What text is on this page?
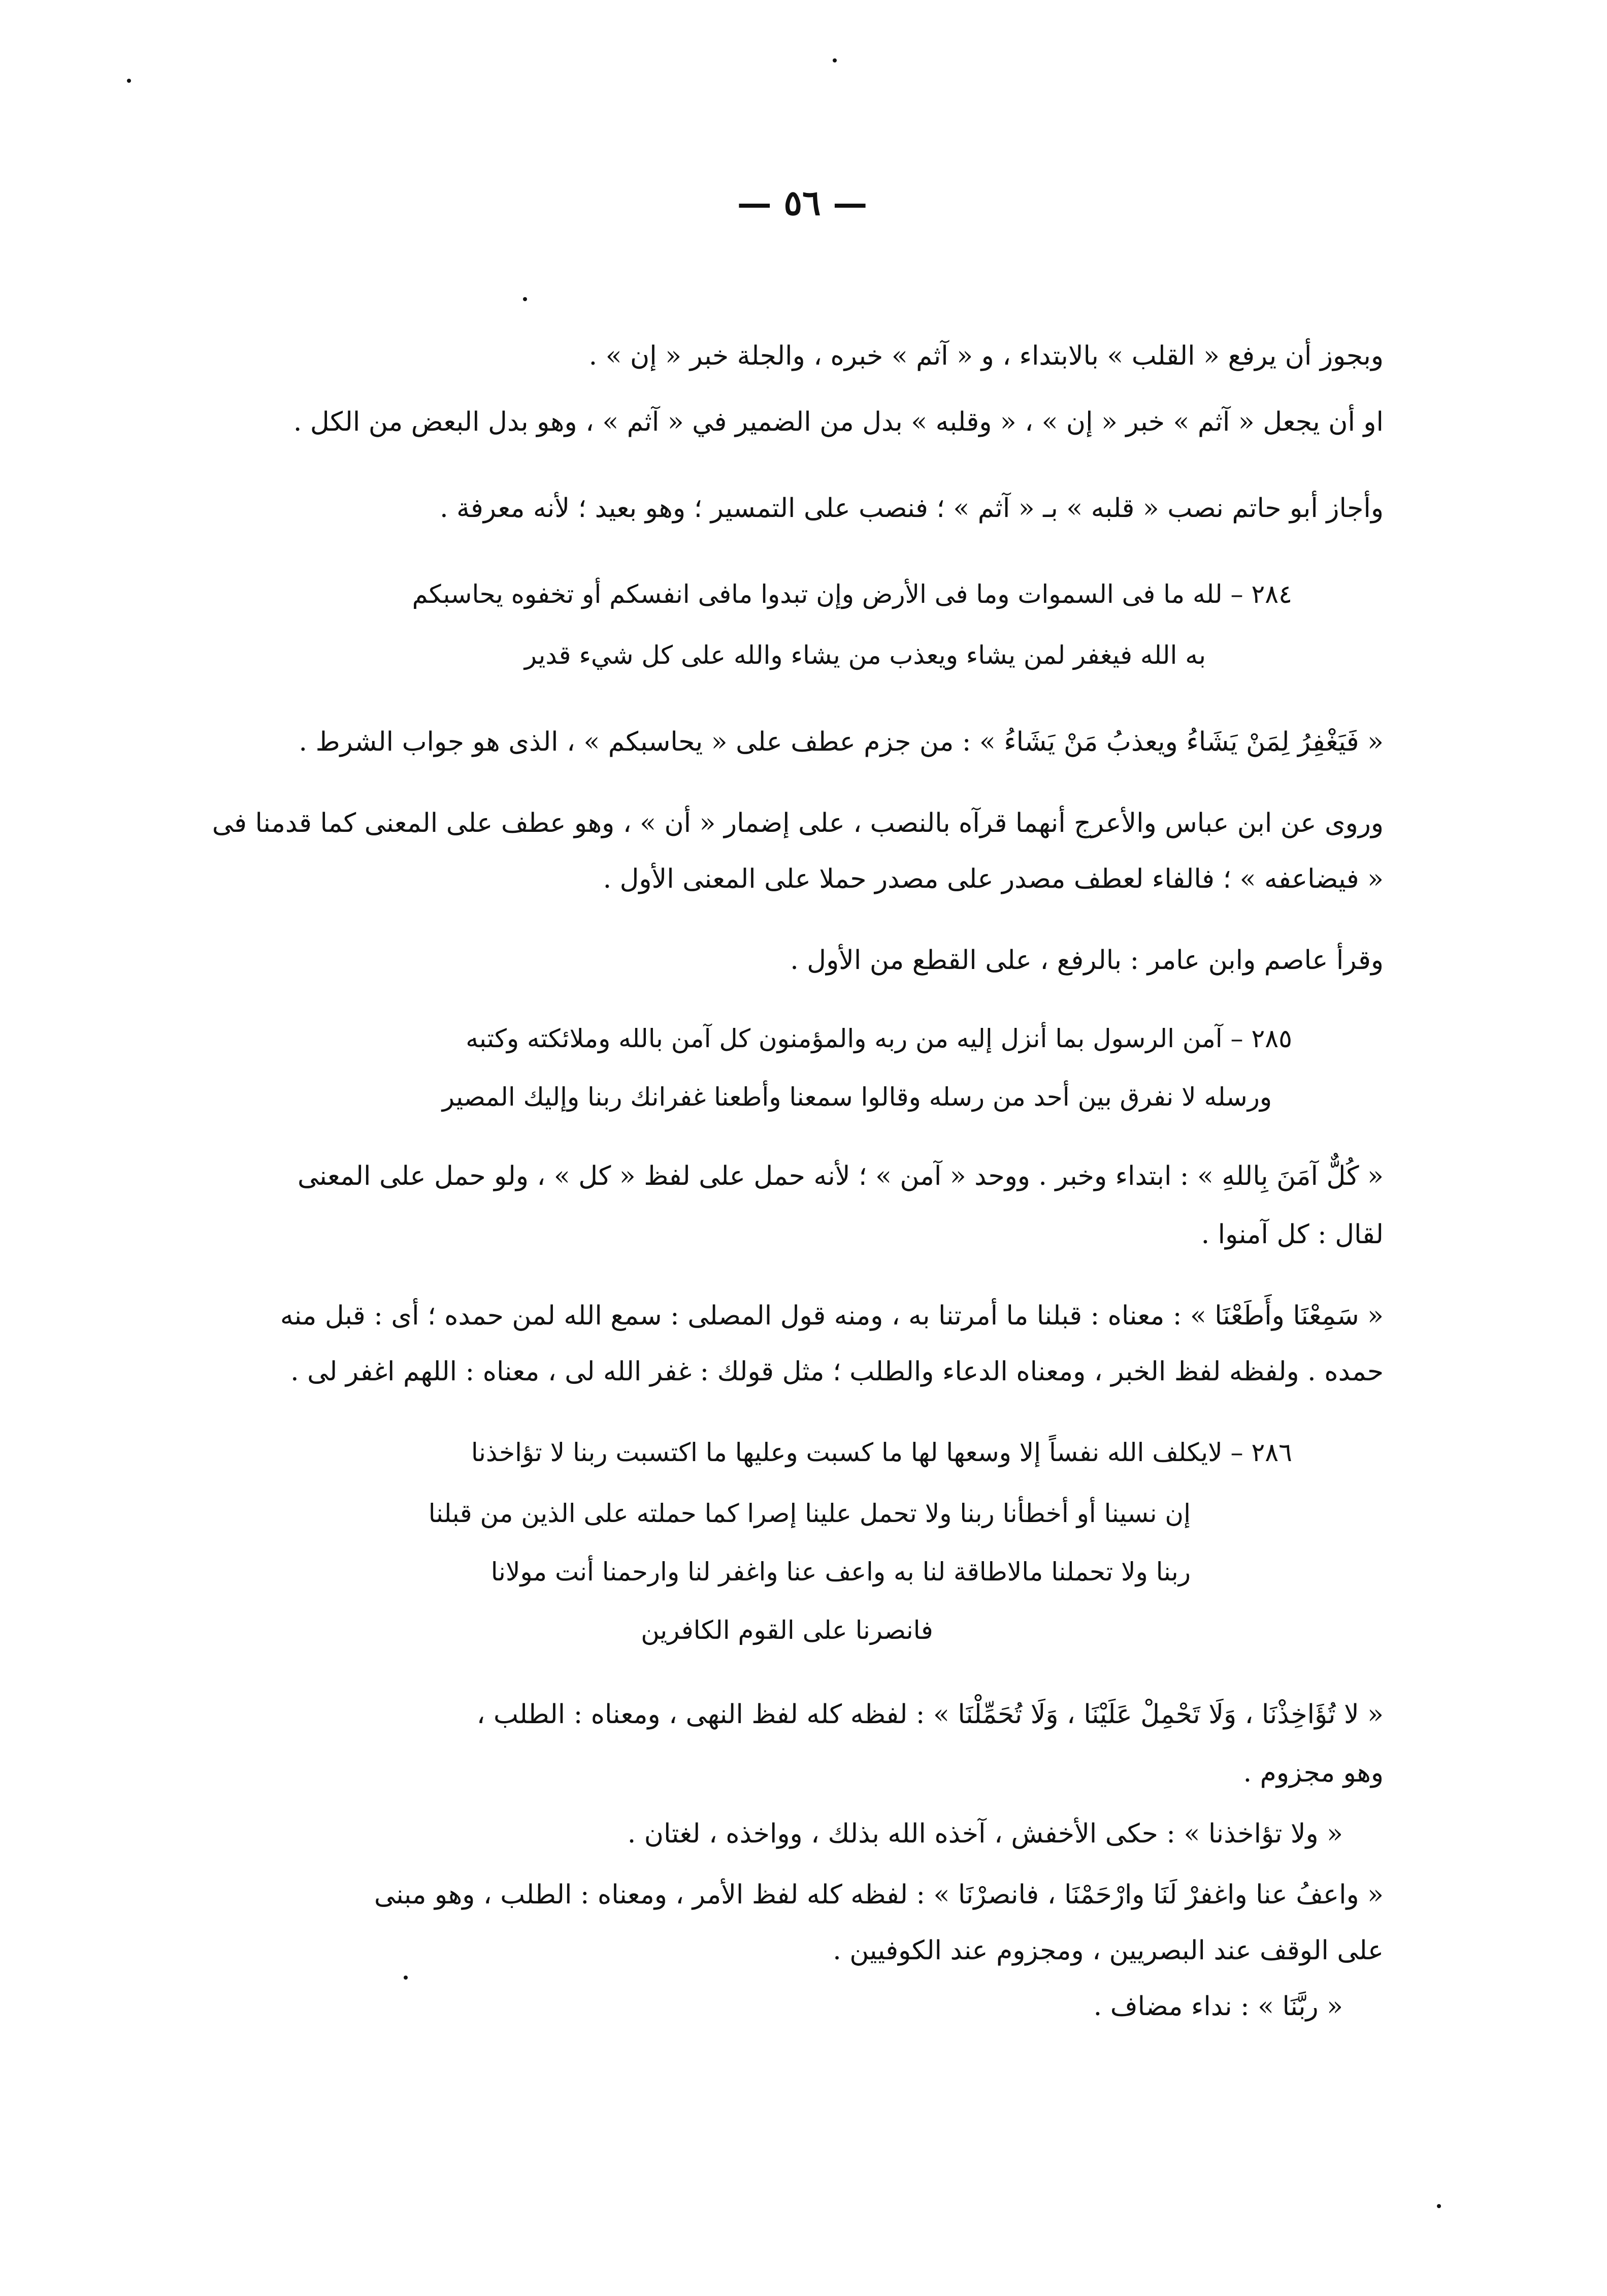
— ٥٦ —
وبجوز أن يرفع « القلب » بالابتداء ، و « آثم » خبره ، والجلة خبر « إن » .
او أن يجعل « آثم » خبر « إن » ، « وقلبه » بدل من الضمير في « آثم » ، وهو بدل البعض من الكل .
وأجاز أبو حاتم نصب « قلبه » بـ « آثم » ؛ فنصب على التمسير ؛ وهو بعيد ؛ لأنه معرفة .
٢٨٤ – لله ما فى السموات وما فى الأرض وإن تبدوا مافى انفسكم أو تخفوه يحاسبكم
به الله فيغفر لمن يشاء ويعذب من يشاء والله على كل شيء قدير
« فَيَغْفِرُ لِمَنْ يَشَاءُ ويعذبُ مَنْ يَشَاءُ » : من جزم عطف على « يحاسبكم » ، الذى هو جواب الشرط .
وروى عن ابن عباس والأعرج أنهما قرآه بالنصب ، على إضمار « أن » ، وهو عطف على المعنى كما قدمنا فى
« فيضاعفه » ؛ فالفاء لعطف مصدر على مصدر حملا على المعنى الأول .
وقرأ عاصم وابن عامر : بالرفع ، على القطع من الأول .
٢٨٥ – آمن الرسول بما أنزل إليه من ربه والمؤمنون كل آمن بالله وملائكته وكتبه
ورسله لا نفرق بين أحد من رسله وقالوا سمعنا وأطعنا غفرانك ربنا وإليك المصير
« كُلٌّ آمَنَ بِاللهِ » : ابتداء وخبر . ووحد « آمن » ؛ لأنه حمل على لفظ « كل » ، ولو حمل على المعنى
لقال : كل آمنوا .
« سَمِعْنَا وأَطَعْنَا » : معناه : قبلنا ما أمرتنا به ، ومنه قول المصلى : سمع الله لمن حمده ؛ أى : قبل منه
حمده . ولفظه لفظ الخبر ، ومعناه الدعاء والطلب ؛ مثل قولك : غفر الله لى ، معناه : اللهم اغفر لى .
٢٨٦ – لايكلف الله نفساً إلا وسعها لها ما كسبت وعليها ما اكتسبت ربنا لا تؤاخذنا
إن نسينا أو أخطأنا ربنا ولا تحمل علينا إصرا كما حملته على الذين من قبلنا
ربنا ولا تحملنا مالاطاقة لنا به واعف عنا واغفر لنا وارحمنا أنت مولانا
فانصرنا على القوم الكافرين
« لا تُؤَاخِذْنَا ، وَلَا تَحْمِلْ عَلَيْنَا ، وَلَا تُحَمِّلْنَا » : لفظه كله لفظ النهى ، ومعناه : الطلب ،
وهو مجزوم .
« ولا تؤاخذنا » : حكى الأخفش ، آخذه الله بذلك ، وواخذه ، لغتان .
« واعفُ عنا واغفرْ لَنَا وارْحَمْنَا ، فانصرْنَا » : لفظه كله لفظ الأمر ، ومعناه : الطلب ، وهو مبنى
على الوقف عند البصريين ، ومجزوم عند الكوفيين .
« ربَّنَا » : نداء مضاف .
